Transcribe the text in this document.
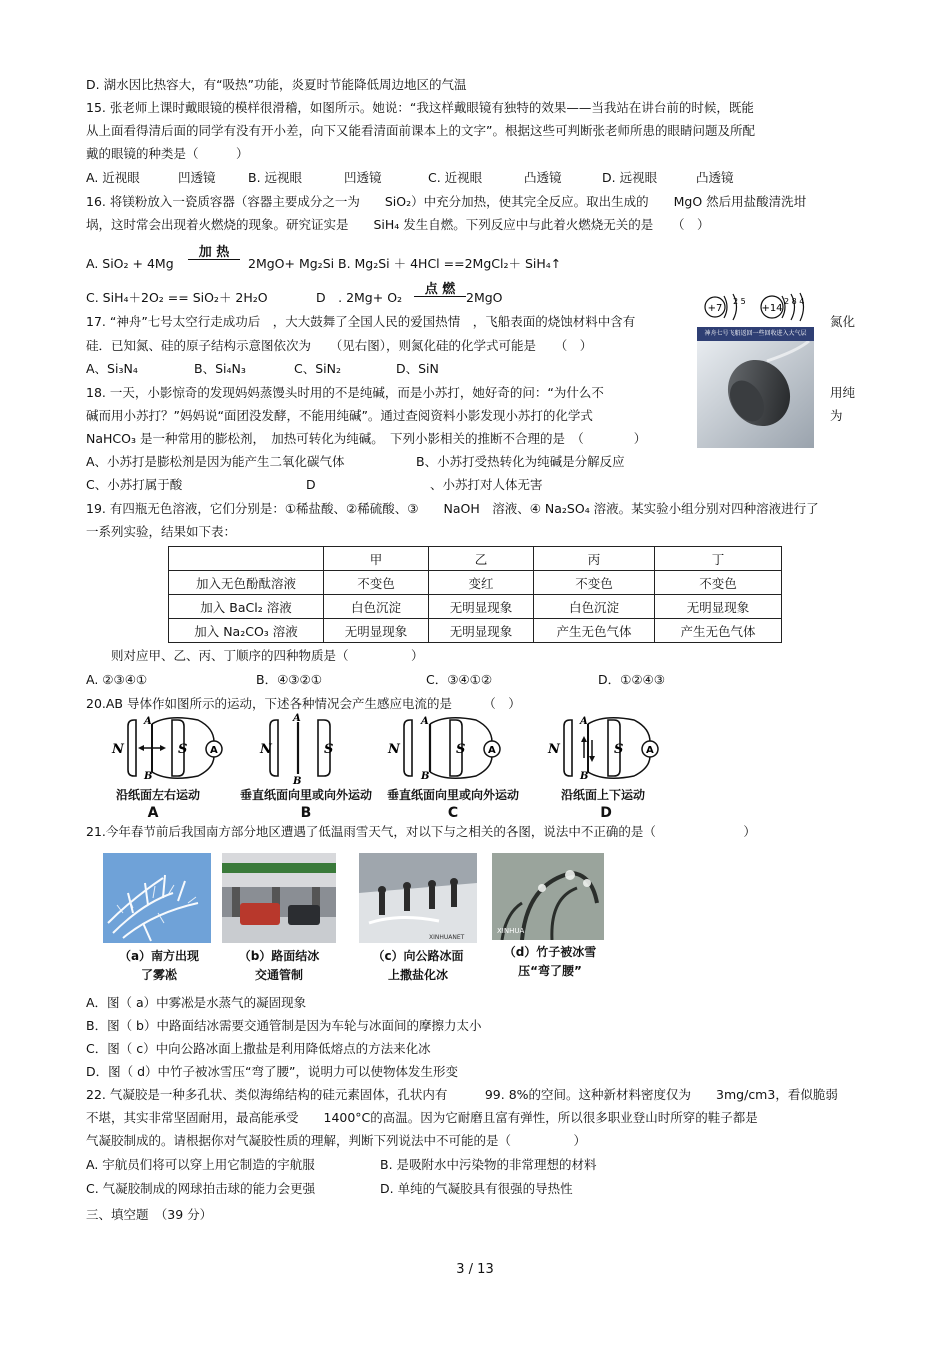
D. 湖水因比热容大，有“吸热”功能，炎夏时节能降低周边地区的气温
15. 张老师上课时戴眼镜的模样很滑稽，如图所示。她说：“我这样戴眼镜有独特的效果——当我站在讲台前的时候，既能
从上面看得清后面的同学有没有开小差，向下又能看清面前课本上的文字”。根据这些可判断张老师所患的眼睛问题及所配
戴的眼镜的种类是（　　　）
A. 近视眼	凹透镜	B. 远视眼	凹透镜	C. 近视眼	凸透镜	D. 远视眼	凸透镜
16. 将镁粉放入一瓷质容器（容器主要成分之一为　　SiO₂）中充分加热，使其完全反应。取出生成的　　MgO 然后用盐酸清洗坩
埚，这时常会出现着火燃烧的现象。研究证实是　　SiH₄ 发生自燃。下列反应中与此着火燃烧无关的是　　（　）
A. SiO₂ + 4Mg	2MgO+ Mg₂Si B. Mg₂Si ＋ 4HCl ==2MgCl₂＋ SiH₄↑
加 热
C. SiH₄＋2O₂ == SiO₂＋ 2H₂O	D　. 2Mg+ O₂	2MgO
点 燃
17. “神舟”七号太空行走成功后　，大大鼓舞了全国人民的爱国热情　，飞船表面的烧蚀材料中含有	氮化
硅．已知氮、硅的原子结构示意图依次为　　（见右图），则氮化硅的化学式可能是　　（　）
A、Si₃N₄	B、Si₄N₃	C、SiN₂	D、SiN
+7
2 5
+14
2 8 4
神舟七号飞船返回一些回收进入大气层
18. 一天，小影惊奇的发现妈妈蒸馒头时用的不是纯碱，而是小苏打，她好奇的问：“为什么不	用纯
碱而用小苏打？”妈妈说“面团没发酵，不能用纯碱”。通过查阅资料小影发现小苏打的化学式	为
NaHCO₃ 是一种常用的膨松剂，　加热可转化为纯碱。　下列小影相关的推断不合理的是　（　　　　）
A、小苏打是膨松剂是因为能产生二氧化碳气体	B、小苏打受热转化为纯碱是分解反应
C、小苏打属于酸	D	、小苏打对人体无害
19. 有四瓶无色溶液，它们分别是：①稀盐酸、②稀硫酸、③　　NaOH　溶液、④ Na₂SO₄ 溶液。某实验小组分别对四种溶液进行了
一系列实验，结果如下表：
	甲	乙	丙	丁
加入无色酚酞溶液	不变色	变红	不变色	不变色
加入 BaCl₂ 溶液	白色沉淀	无明显现象	白色沉淀	无明显现象
加入 Na₂CO₃ 溶液	无明显现象	无明显现象	产生无色气体	产生无色气体
　　则对应甲、乙、丙、丁顺序的四种物质是（　　　　　）
A. ②③④①	B．④③②①	C．③④①②	D．①②④③
20.AB 导体作如图所示的运动，下述各种情况会产生感应电流的是　　　（　）
N	S A
A
B
N	S
A
B
N	S A
A
B
N	S A
A
B
沿纸面左右运动	垂直纸面向里或向外运动	垂直纸面向里或向外运动	沿纸面上下运动
A	B	C	D
21.今年春节前后我国南方部分地区遭遇了低温雨雪天气，对以下与之相关的各图，说法中不正确的是（　　　　　　　）
XINHUANET
XINHUA
（a）南方出现
了雾凇
（b）路面结冰
交通管制
（c）向公路冰面
上撒盐化冰
（d）竹子被冰雪
压“弯了腰”
A．图（ a）中雾凇是水蒸气的凝固现象
B．图（ b）中路面结冰需要交通管制是因为车轮与冰面间的摩擦力太小
C．图（ c）中向公路冰面上撒盐是利用降低熔点的方法来化冰
D．图（ d）中竹子被冰雪压“弯了腰”，说明力可以使物体发生形变
22. 气凝胶是一种多孔状、类似海绵结构的硅元素固体，孔状内有　　　99. 8%的空间。这种新材料密度仅为　　3mg/cm3，看似脆弱
不堪，其实非常坚固耐用，最高能承受　　1400°C的高温。因为它耐磨且富有弹性，所以很多职业登山时所穿的鞋子都是
气凝胶制成的。请根据你对气凝胶性质的理解，判断下列说法中不可能的是（　　　　　）
A. 宇航员们将可以穿上用它制造的宇航服	B. 是吸附水中污染物的非常理想的材料
C. 气凝胶制成的网球拍击球的能力会更强	D. 单纯的气凝胶具有很强的导热性
三、填空题　（39 分）
3 / 13
